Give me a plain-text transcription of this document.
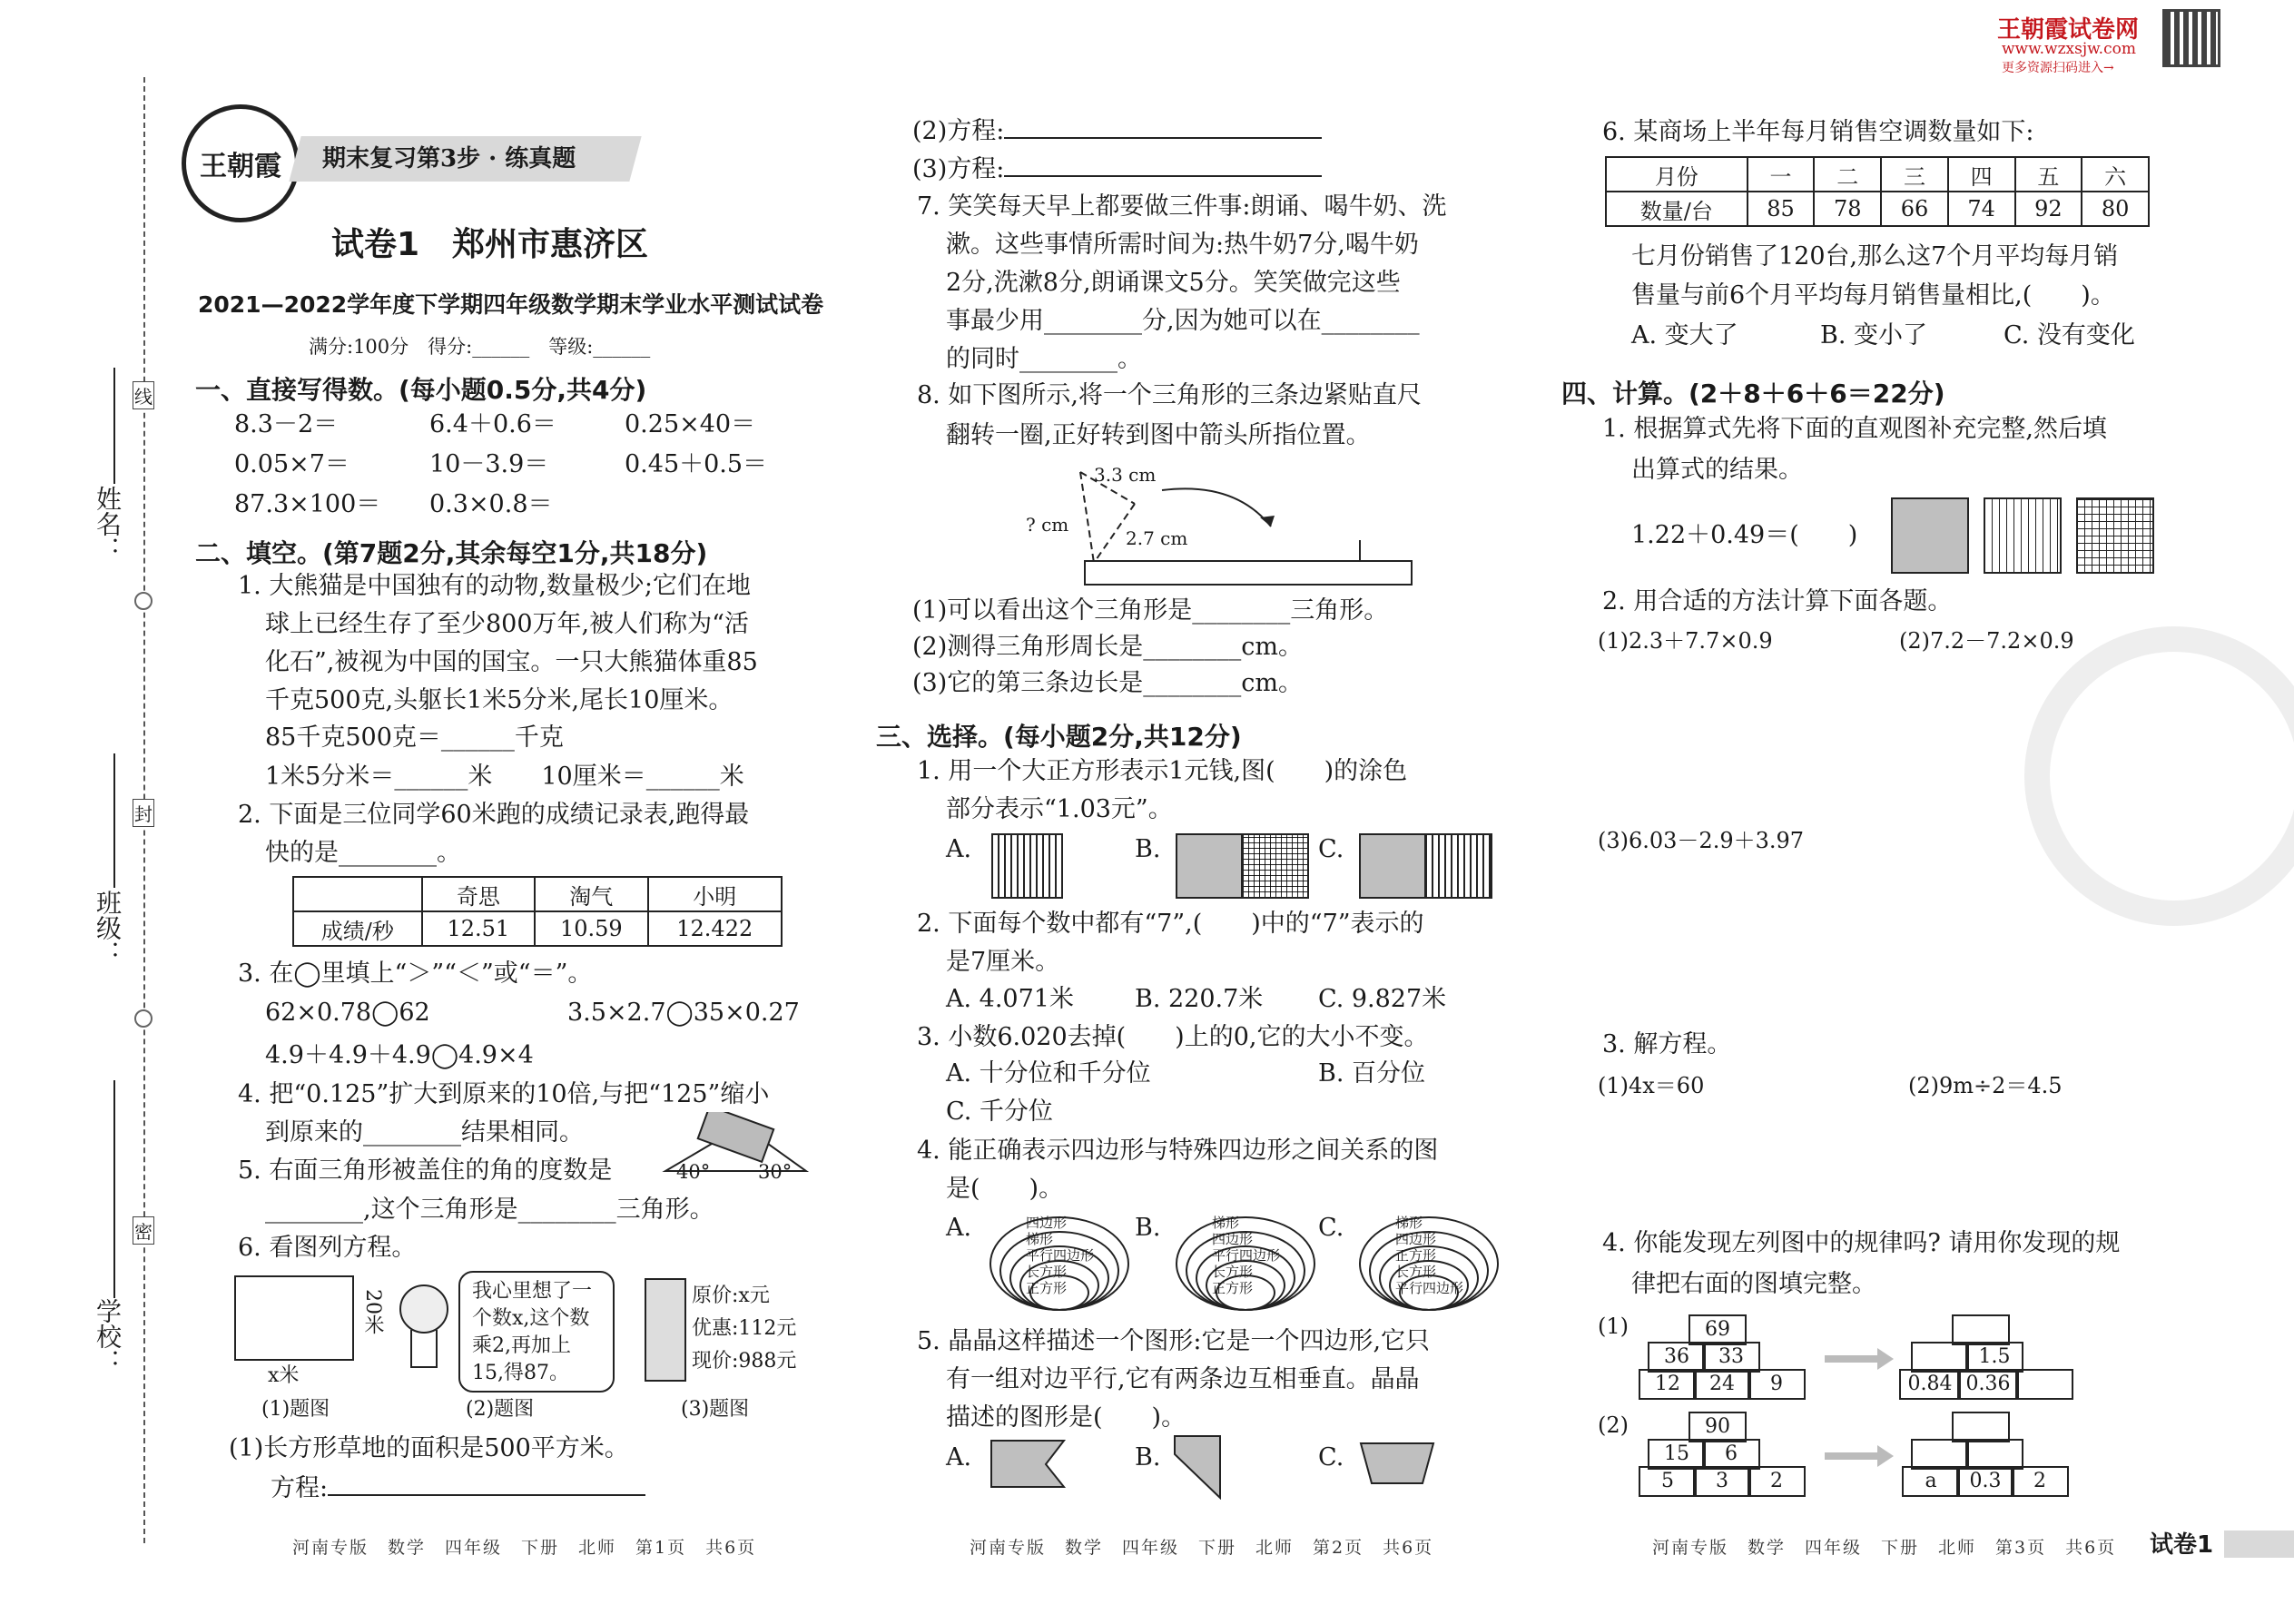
姓名：
班级：
学校：
线
封
密
王朝霞 期末复习第3步 · 练真题
王朝霞试卷网
www.wzxsjw.com
更多资源扫码进入→
试卷1　郑州市惠济区
2021—2022学年度下学期四年级数学期末学业水平测试试卷
满分:100分　得分:______　等级:______
一、直接写得数。(每小题0.5分,共4分)
8.3－2＝	6.4＋0.6＝	0.25×40＝
0.05×7＝	10－3.9＝	0.45＋0.5＝
87.3×100＝ 0.3×0.8＝
二、填空。(第7题2分,其余每空1分,共18分)
1. 大熊猫是中国独有的动物,数量极少;它们在地
球上已经生存了至少800万年,被人们称为“活
化石”,被视为中国的国宝。一只大熊猫体重85
千克500克,头躯长1米5分米,尾长10厘米。
85千克500克＝______千克
1米5分米＝______米　　10厘米＝______米
2. 下面是三位同学60米跑的成绩记录表,跑得最
快的是________。
	奇思	淘气	小明
成绩/秒	12.51	10.59	12.422
3. 在◯里填上“＞”“＜”或“＝”。
62×0.78◯62	3.5×2.7◯35×0.27
4.9＋4.9＋4.9◯4.9×4
4. 把“0.125”扩大到原来的10倍,与把“125”缩小
到原来的________结果相同。
5. 右面三角形被盖住的角的度数是
________,这个三角形是________三角形。
40°	30°
6. 看图列方程。
20米
x米
我心里想了一
个数x,这个数
乘2,再加上
15,得87。
原价:x元
优惠:112元
现价:988元
(1)题图	(2)题图	(3)题图
(1)长方形草地的面积是500平方米。
方程:
(2)方程:
(3)方程:
7. 笑笑每天早上都要做三件事:朗诵、喝牛奶、洗
漱。这些事情所需时间为:热牛奶7分,喝牛奶
2分,洗漱8分,朗诵课文5分。笑笑做完这些
事最少用________分,因为她可以在________
的同时________。
8. 如下图所示,将一个三角形的三条边紧贴直尺
翻转一圈,正好转到图中箭头所指位置。
3.3 cm
? cm
2.7 cm
(1)可以看出这个三角形是________三角形。
(2)测得三角形周长是________cm。
(3)它的第三条边长是________cm。
三、选择。(每小题2分,共12分)
1. 用一个大正方形表示1元钱,图(　　)的涂色
部分表示“1.03元”。
A.	B.	C.
2. 下面每个数中都有“7”,(　　)中的“7”表示的
是7厘米。
A. 4.071米 B. 220.7米 C. 9.827米
3. 小数6.020去掉(　　)上的0,它的大小不变。
A. 十分位和千分位	B. 百分位
C. 千分位
4. 能正确表示四边形与特殊四边形之间关系的图
是(　　)。
A.	B.	C.
四边形
梯形
平行四边形
长方形
正方形
梯形
四边形
平行四边形
长方形
正方形
梯形
四边形
正方形
长方形
平行四边形
5. 晶晶这样描述一个图形:它是一个四边形,它只
有一组对边平行,它有两条边互相垂直。晶晶
描述的图形是(　　)。
A.	B.	C.
6. 某商场上半年每月销售空调数量如下:
月份	一	二	三	四	五	六
数量/台	85	78	66	74	92	80
七月份销售了120台,那么这7个月平均每月销
售量与前6个月平均每月销售量相比,(　　)。
A. 变大了	B. 变小了	C. 没有变化
四、计算。(2＋8＋6＋6＝22分)
1. 根据算式先将下面的直观图补充完整,然后填
出算式的结果。
1.22＋0.49＝(　　)
2. 用合适的方法计算下面各题。
(1)2.3＋7.7×0.9	(2)7.2－7.2×0.9
(3)6.03－2.9＋3.97
3. 解方程。
(1)4x＝60	(2)9m÷2＝4.5
4. 你能发现左列图中的规律吗? 请用你发现的规
律把右面的图填完整。
(1)
(2)
69
36	33
12	24	9
1.5
0.84 0.36
90
15	6
5	3	2	a	0.3	2
河南专版　数学　四年级　下册　北师　第1页　共6页	河南专版　数学　四年级　下册　北师　第2页　共6页	河南专版　数学　四年级　下册　北师　第3页　共6页 试卷1
